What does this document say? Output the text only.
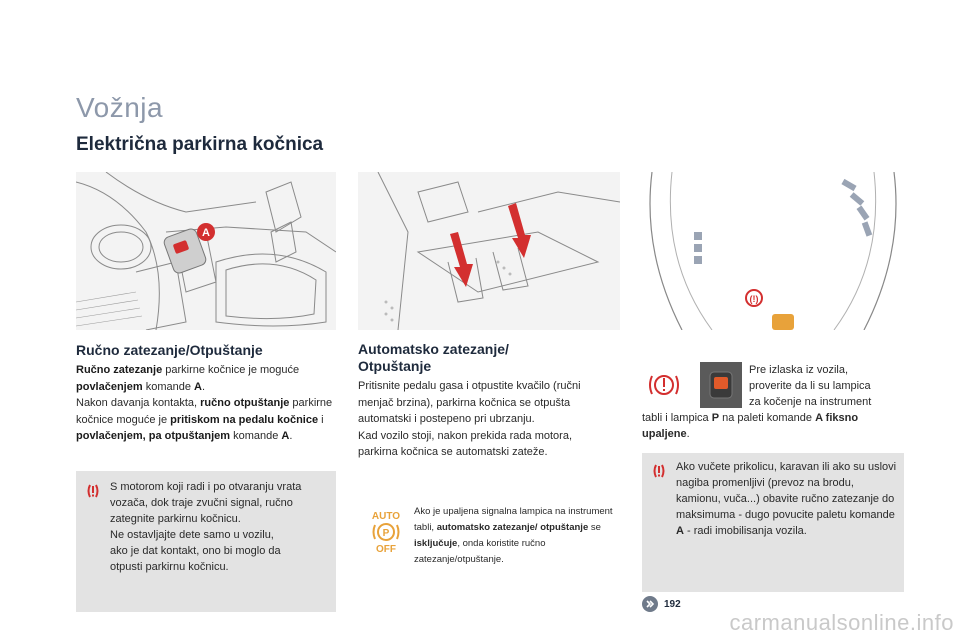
Vožnja
Električna parkirna kočnica
A
(!)
Ručno zatezanje/Otpuštanje
Ručno zatezanje parkirne kočnice je moguće povlačenjem komande A.
Nakon davanja kontakta, ručno otpuštanje parkirne kočnice moguće je pritiskom na pedalu kočnice i povlačenjem, pa otpuštanjem komande A.
S motorom koji radi i po otvaranju vrata
vozača, dok traje zvučni signal, ručno
zategnite parkirnu kočnicu.
Ne ostavljajte dete samo u vozilu,
ako je dat kontakt, ono bi moglo da
otpusti parkirnu kočnicu.
Automatsko zatezanje/
Otpuštanje
Pritisnite pedalu gasa i otpustite kvačilo (ručni
menjač brzina), parkirna kočnica se otpušta
automatski i postepeno pri ubrzanju.
Kad vozilo stoji, nakon prekida rada motora,
parkirna kočnica se automatski zateže.
AUTO
P
OFF
Ako je upaljena signalna lampica na instrument tabli, automatsko zatezanje/ otpuštanje se isključuje, onda koristite ručno zatezanje/otpuštanje.
Pre izlaska iz vozila,
proverite da li su lampica
za kočenje na instrument
tabli i lampica P na paleti komande A fiksno upaljene.
Ako vučete prikolicu, karavan ili ako su uslovi nagiba promenljivi (prevoz na brodu, kamionu, vuča...) obavite ručno zatezanje do maksimuma - dugo povucite paletu komande A - radi imobilisanja vozila.
192
carmanualsonline.info
